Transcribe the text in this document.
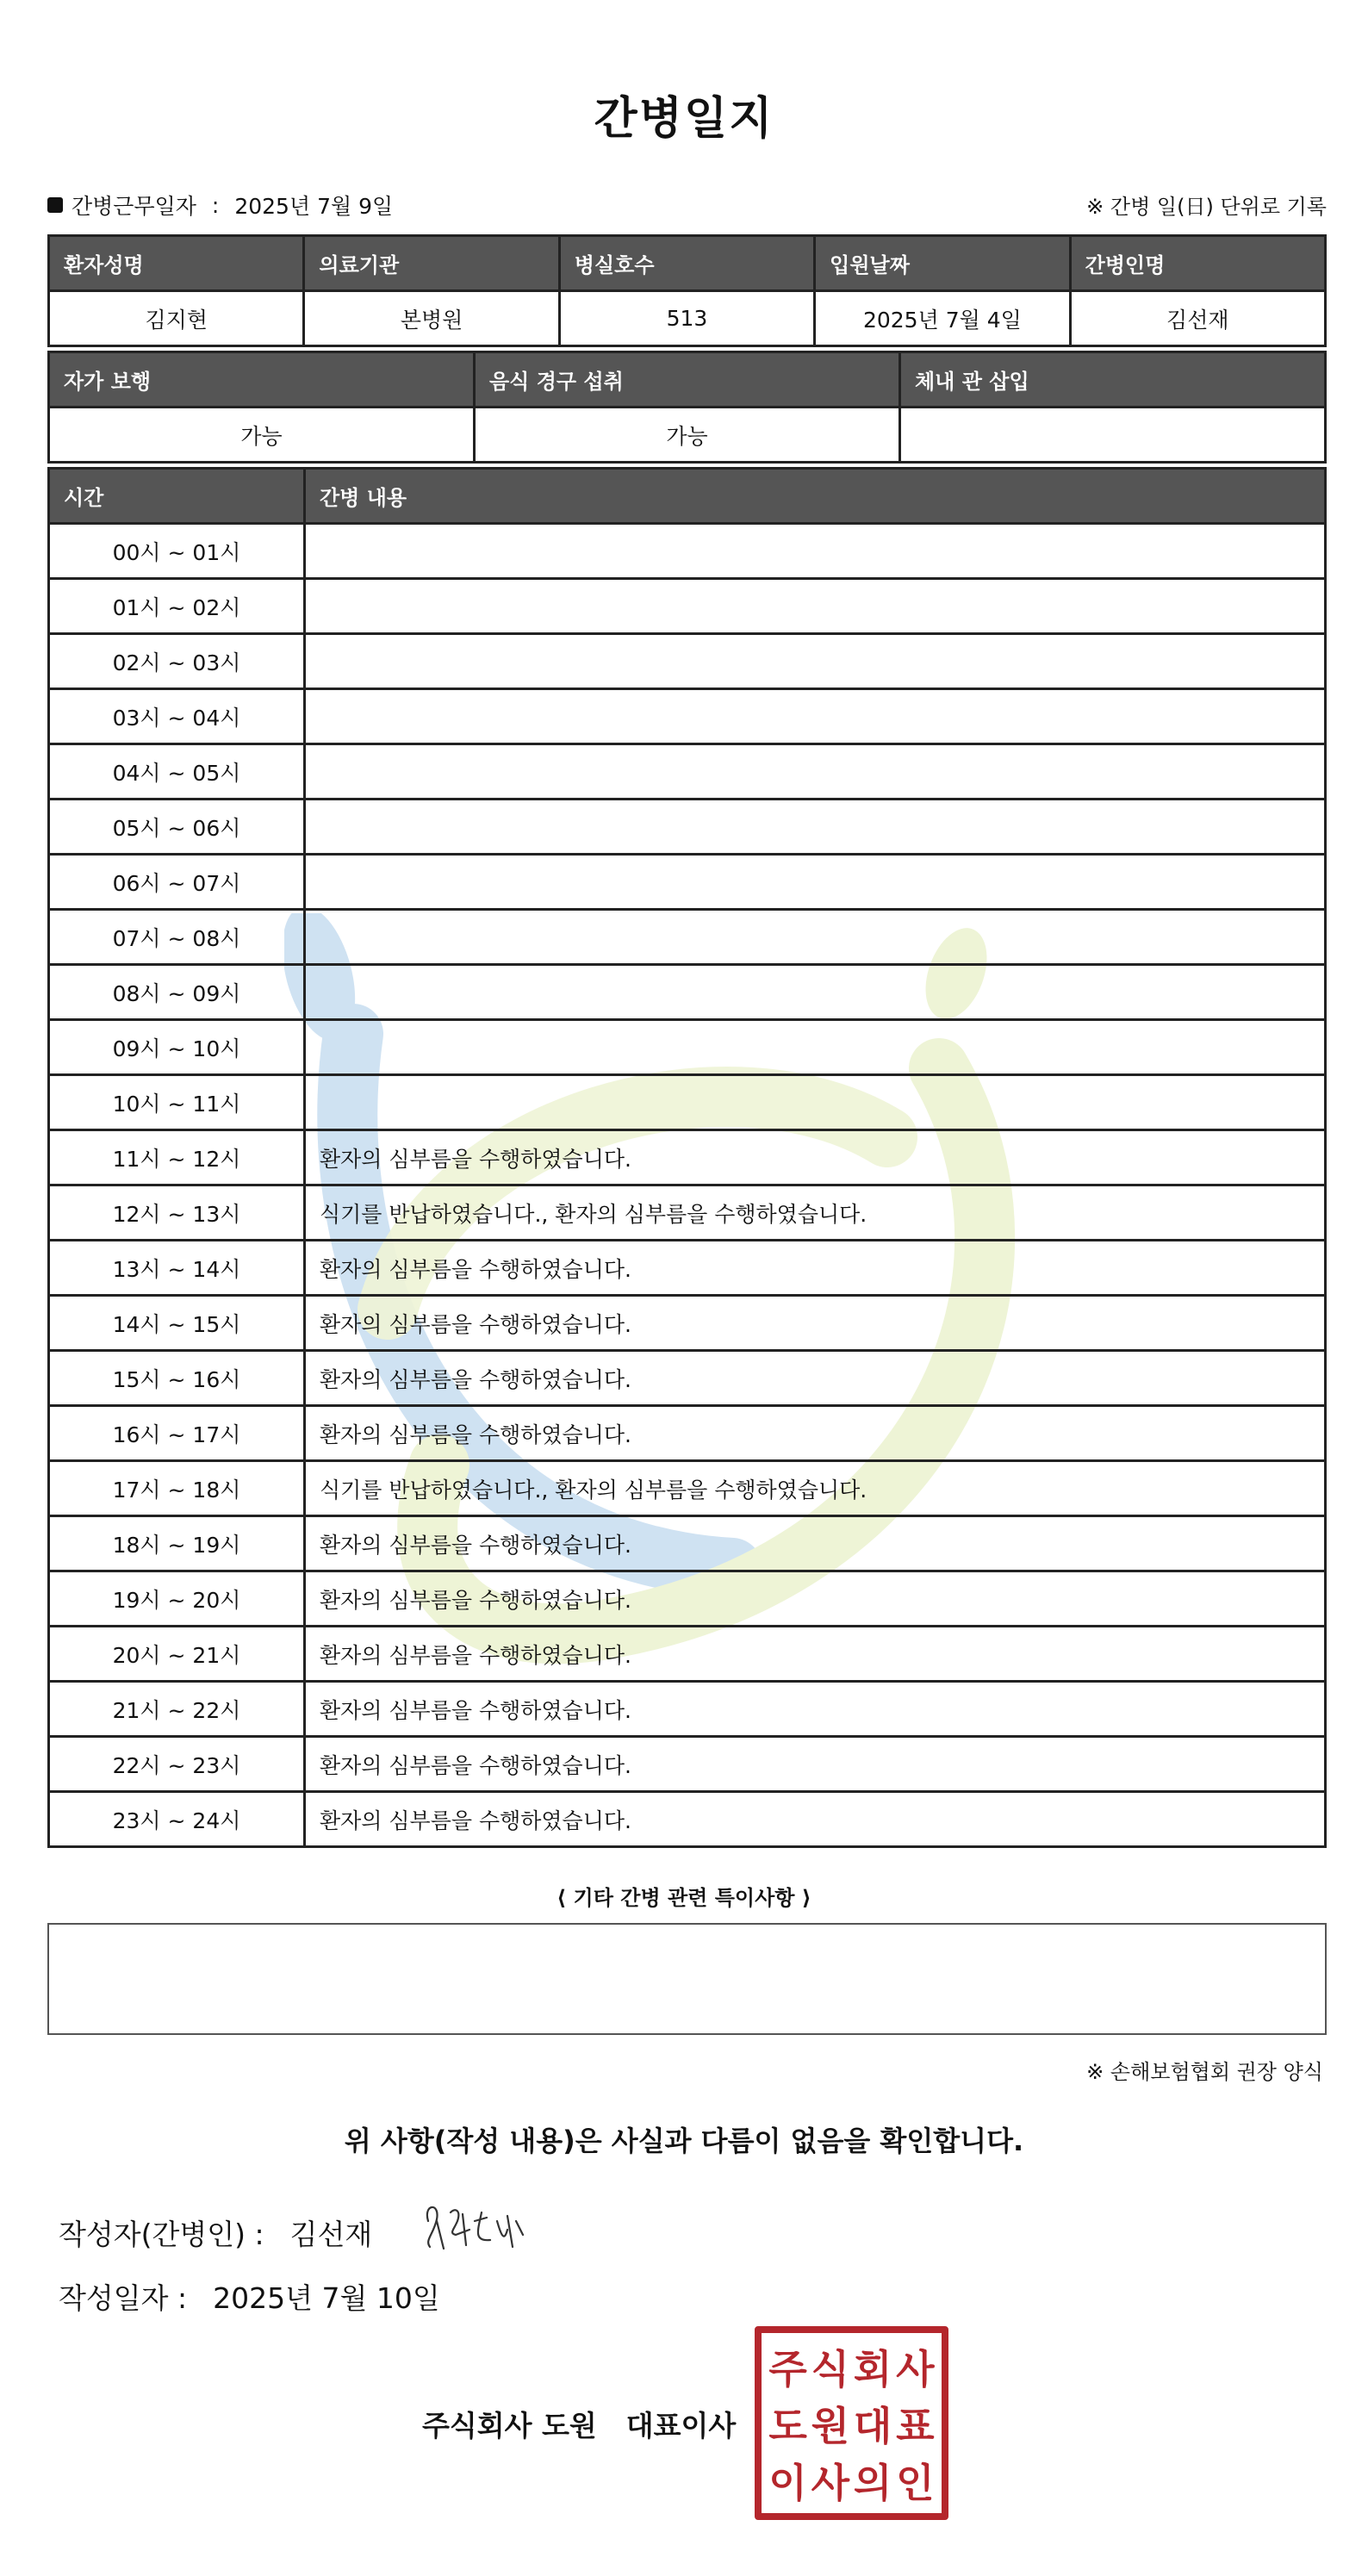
간병일지
간병근무일자 : 2025년 7월 9일	※ 간병 일(日) 단위로 기록
환자성명	의료기관	병실호수	입원날짜	간병인명
김지현	본병원	513	2025년 7월 4일	김선재
자가 보행	음식 경구 섭취	체내 관 삽입
가능	가능	
시간	간병 내용
00시 ~ 01시	
01시 ~ 02시	
02시 ~ 03시	
03시 ~ 04시	
04시 ~ 05시	
05시 ~ 06시	
06시 ~ 07시	
07시 ~ 08시	
08시 ~ 09시	
09시 ~ 10시	
10시 ~ 11시	
11시 ~ 12시	환자의 심부름을 수행하였습니다.
12시 ~ 13시	식기를 반납하였습니다., 환자의 심부름을 수행하였습니다.
13시 ~ 14시	환자의 심부름을 수행하였습니다.
14시 ~ 15시	환자의 심부름을 수행하였습니다.
15시 ~ 16시	환자의 심부름을 수행하였습니다.
16시 ~ 17시	환자의 심부름을 수행하였습니다.
17시 ~ 18시	식기를 반납하였습니다., 환자의 심부름을 수행하였습니다.
18시 ~ 19시	환자의 심부름을 수행하였습니다.
19시 ~ 20시	환자의 심부름을 수행하였습니다.
20시 ~ 21시	환자의 심부름을 수행하였습니다.
21시 ~ 22시	환자의 심부름을 수행하였습니다.
22시 ~ 23시	환자의 심부름을 수행하였습니다.
23시 ~ 24시	환자의 심부름을 수행하였습니다.
⟨ 기타 간병 관련 특이사항 ⟩
※ 손해보험협회 권장 양식
위 사항(작성 내용)은 사실과 다름이 없음을 확인합니다.
작성자(간병인) : 김선재
작성일자 : 2025년 7월 10일
주식회사 도원 대표이사
주 식 회 사
도 원 대 표
이 사 의 인
